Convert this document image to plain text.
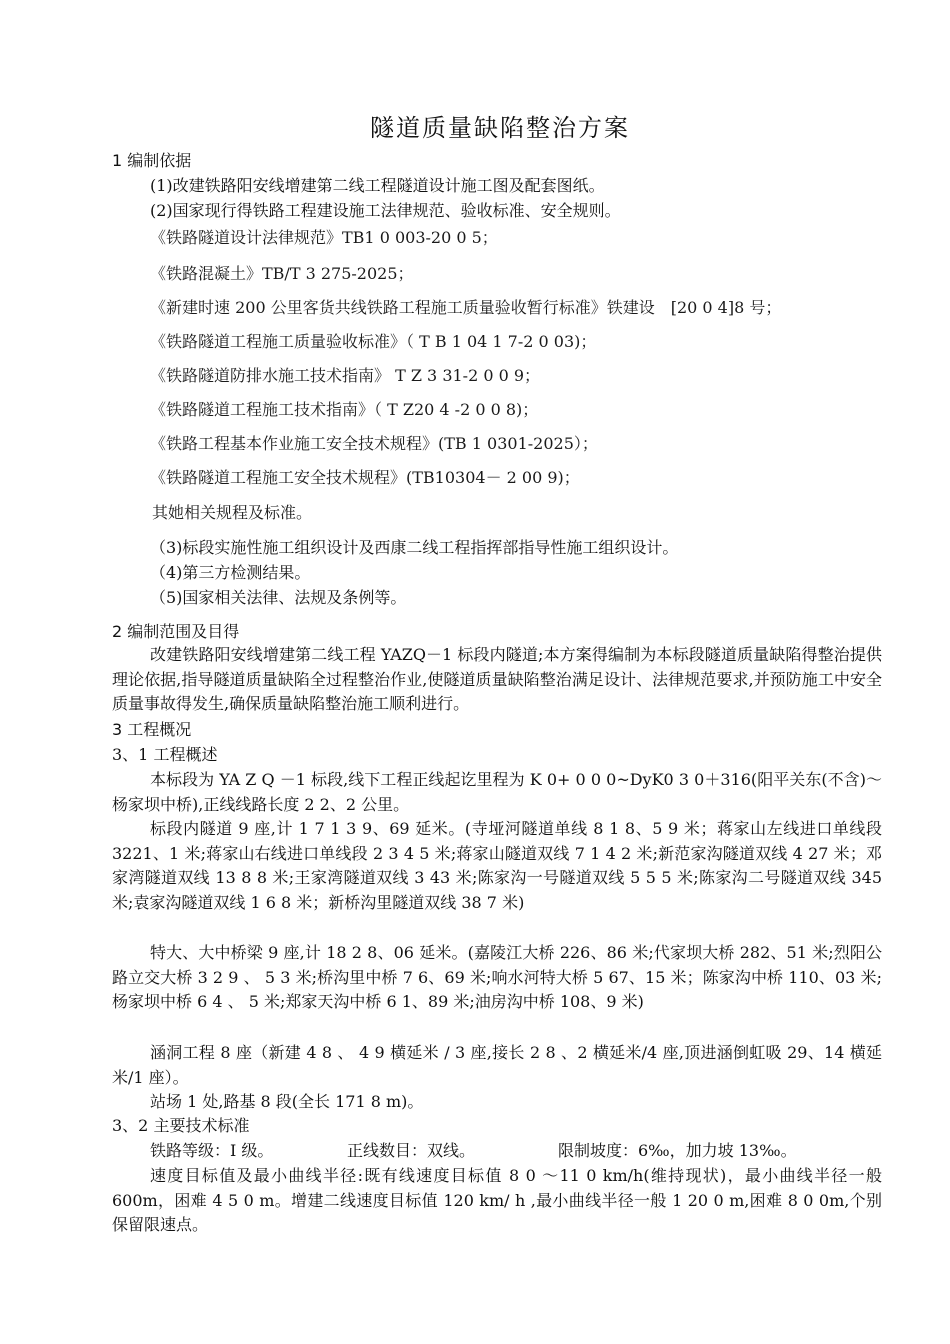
隧道质量缺陷整治方案
1 编制依据
(1)改建铁路阳安线增建第二线工程隧道设计施工图及配套图纸。
(2)国家现行得铁路工程建设施工法律规范、验收标准、安全规则。
《铁路隧道设计法律规范》TB1 0 003-20 0 5；
《铁路混凝土》TB/T 3 275-2025；
《新建时速 200 公里客货共线铁路工程施工质量验收暂行标准》铁建设　[20 0 4]8 号；
《铁路隧道工程施工质量验收标准》（ T B 1 04 1 7-2 0 03)；
《铁路隧道防排水施工技术指南》 T Z 3 31-2 0 0 9；
《铁路隧道工程施工技术指南》（ T Z20 4 -2 0 0 8)；
《铁路工程基本作业施工安全技术规程》(TB 1 0301-2025）；
《铁路隧道工程施工安全技术规程》(TB10304－ 2 00 9)；
其她相关规程及标准。
（3)标段实施性施工组织设计及西康二线工程指挥部指导性施工组织设计。
（4)第三方检测结果。
（5)国家相关法律、法规及条例等。
2 编制范围及目得
改建铁路阳安线增建第二线工程 YAZQ－1 标段内隧道;本方案得编制为本标段隧道质量缺陷得整治提供理论依据,指导隧道质量缺陷全过程整治作业,使隧道质量缺陷整治满足设计、法律规范要求,并预防施工中安全质量事故得发生,确保质量缺陷整治施工顺利进行。
3 工程概况
3、1 工程概述
本标段为 YA Z Q －1 标段,线下工程正线起讫里程为 K 0+ 0 0 0~DyK0 3 0＋316(阳平关东(不含)～杨家坝中桥),正线线路长度 2 2、2 公里。
标段内隧道 9 座,计 1 7 1 3 9、69 延米。(寺垭河隧道单线 8 1 8、5 9 米；蒋家山左线进口单线段 3221、1 米;蒋家山右线进口单线段 2 3 4 5 米;蒋家山隧道双线 7 1 4 2 米;新范家沟隧道双线 4 27 米；邓家湾隧道双线 13 8 8 米;王家湾隧道双线 3 43 米;陈家沟一号隧道双线 5 5 5 米;陈家沟二号隧道双线 345 米;袁家沟隧道双线 1 6 8 米；新桥沟里隧道双线 38 7 米)
特大、大中桥梁 9 座,计 18 2 8、06 延米。(嘉陵江大桥 226、86 米;代家坝大桥 282、51 米;烈阳公路立交大桥 3 2 9 、 5 3 米;桥沟里中桥 7 6、69 米;响水河特大桥 5 67、15 米；陈家沟中桥 110、03 米;杨家坝中桥 6 4 、 5 米;郑家天沟中桥 6 1、89 米;油房沟中桥 108、9 米)
涵洞工程 8 座（新建 4 8 、 4 9 横延米 / 3 座,接长 2 8 、2 横延米/4 座,顶进涵倒虹吸 29、14 横延米/1 座）。
站场 1 处,路基 8 段(全长 171 8 m)。
3、2 主要技术标准
铁路等级：Ⅰ 级。	正线数目：双线。	限制坡度：6‰，加力坡 13‰。
速度目标值及最小曲线半径:既有线速度目标值 8 0 ～11 0 km/h(维持现状)，最小曲线半径一般 600m，困难 4 5 0 m。增建二线速度目标值 120 km/ h ,最小曲线半径一般 1 20 0 m,困难 8 0 0m,个别保留限速点。
